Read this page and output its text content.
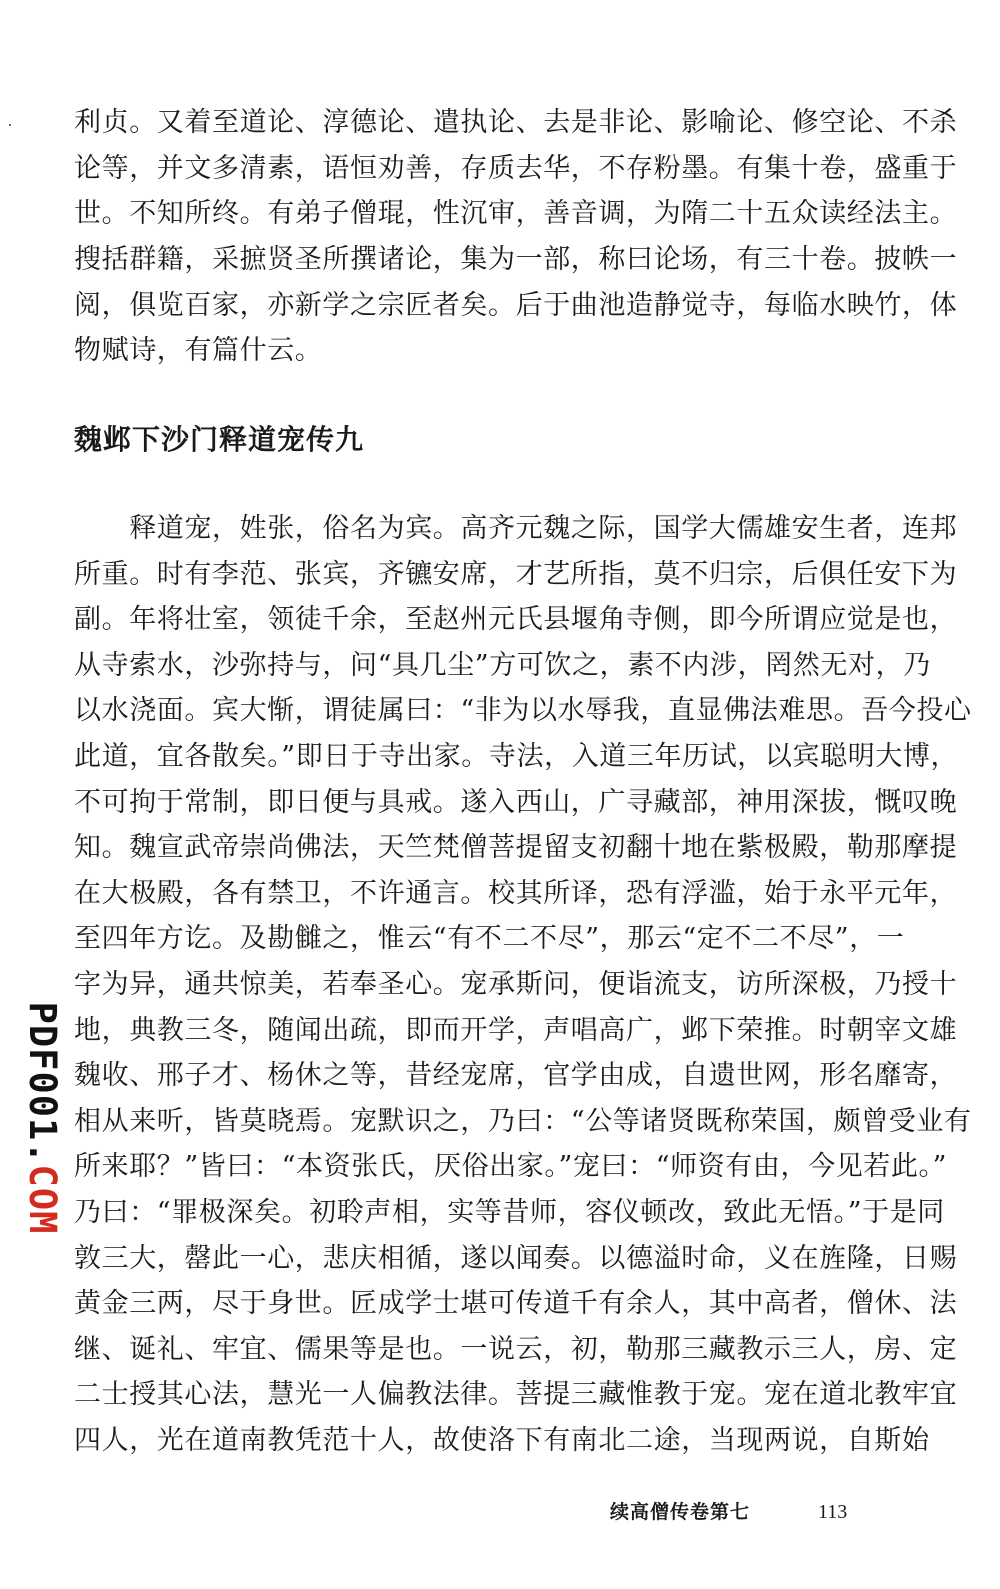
利贞。又着至道论、淳德论、遣执论、去是非论、影喻论、修空论、不杀
论等，并文多清素，语恒劝善，存质去华，不存粉墨。有集十卷，盛重于
世。不知所终。有弟子僧琨，性沉审，善音调，为隋二十五众读经法主。
搜括群籍，采摭贤圣所撰诸论，集为一部，称曰论场，有三十卷。披帙一
阅，俱览百家，亦新学之宗匠者矣。后于曲池造静觉寺，每临水映竹，体
物赋诗，有篇什云。
魏邺下沙门释道宠传九
　　释道宠，姓张，俗名为宾。高齐元魏之际，国学大儒雄安生者，连邦
所重。时有李范、张宾，齐镳安席，才艺所指，莫不归宗，后俱任安下为
副。年将壮室，领徒千余，至赵州元氏县堰角寺侧，即今所谓应觉是也，
从寺索水，沙弥持与，问“具几尘”方可饮之，素不内涉，罔然无对，乃
以水浇面。宾大惭，谓徒属曰：“非为以水辱我，直显佛法难思。吾今投心
此道，宜各散矣。”即日于寺出家。寺法，入道三年历试，以宾聪明大博，
不可拘于常制，即日便与具戒。遂入西山，广寻藏部，神用深拔，慨叹晚
知。魏宣武帝崇尚佛法，天竺梵僧菩提留支初翻十地在紫极殿，勒那摩提
在大极殿，各有禁卫，不许通言。校其所译，恐有浮滥，始于永平元年，
至四年方讫。及勘雠之，惟云“有不二不尽”，那云“定不二不尽”，一
字为异，通共惊美，若奉圣心。宠承斯问，便诣流支，访所深极，乃授十
地，典教三冬，随闻出疏，即而开学，声唱高广，邺下荣推。时朝宰文雄
魏收、邢子才、杨休之等，昔经宠席，官学由成，自遗世网，形名靡寄，
相从来听，皆莫晓焉。宠默识之，乃曰：“公等诸贤既称荣国，颇曾受业有
所来耶？”皆曰：“本资张氏，厌俗出家。”宠曰：“师资有由，今见若此。”
乃曰：“罪极深矣。初聆声相，实等昔师，容仪顿改，致此无悟。”于是同
敦三大，罄此一心，悲庆相循，遂以闻奏。以德溢时命，义在旌隆，日赐
黄金三两，尽于身世。匠成学士堪可传道千有余人，其中高者，僧休、法
继、诞礼、牢宜、儒果等是也。一说云，初，勒那三藏教示三人，房、定
二士授其心法，慧光一人偏教法律。菩提三藏惟教于宠。宠在道北教牢宜
四人，光在道南教凭范十人，故使洛下有南北二途，当现两说，自斯始
PDF001.COM
续高僧传卷第七	113
